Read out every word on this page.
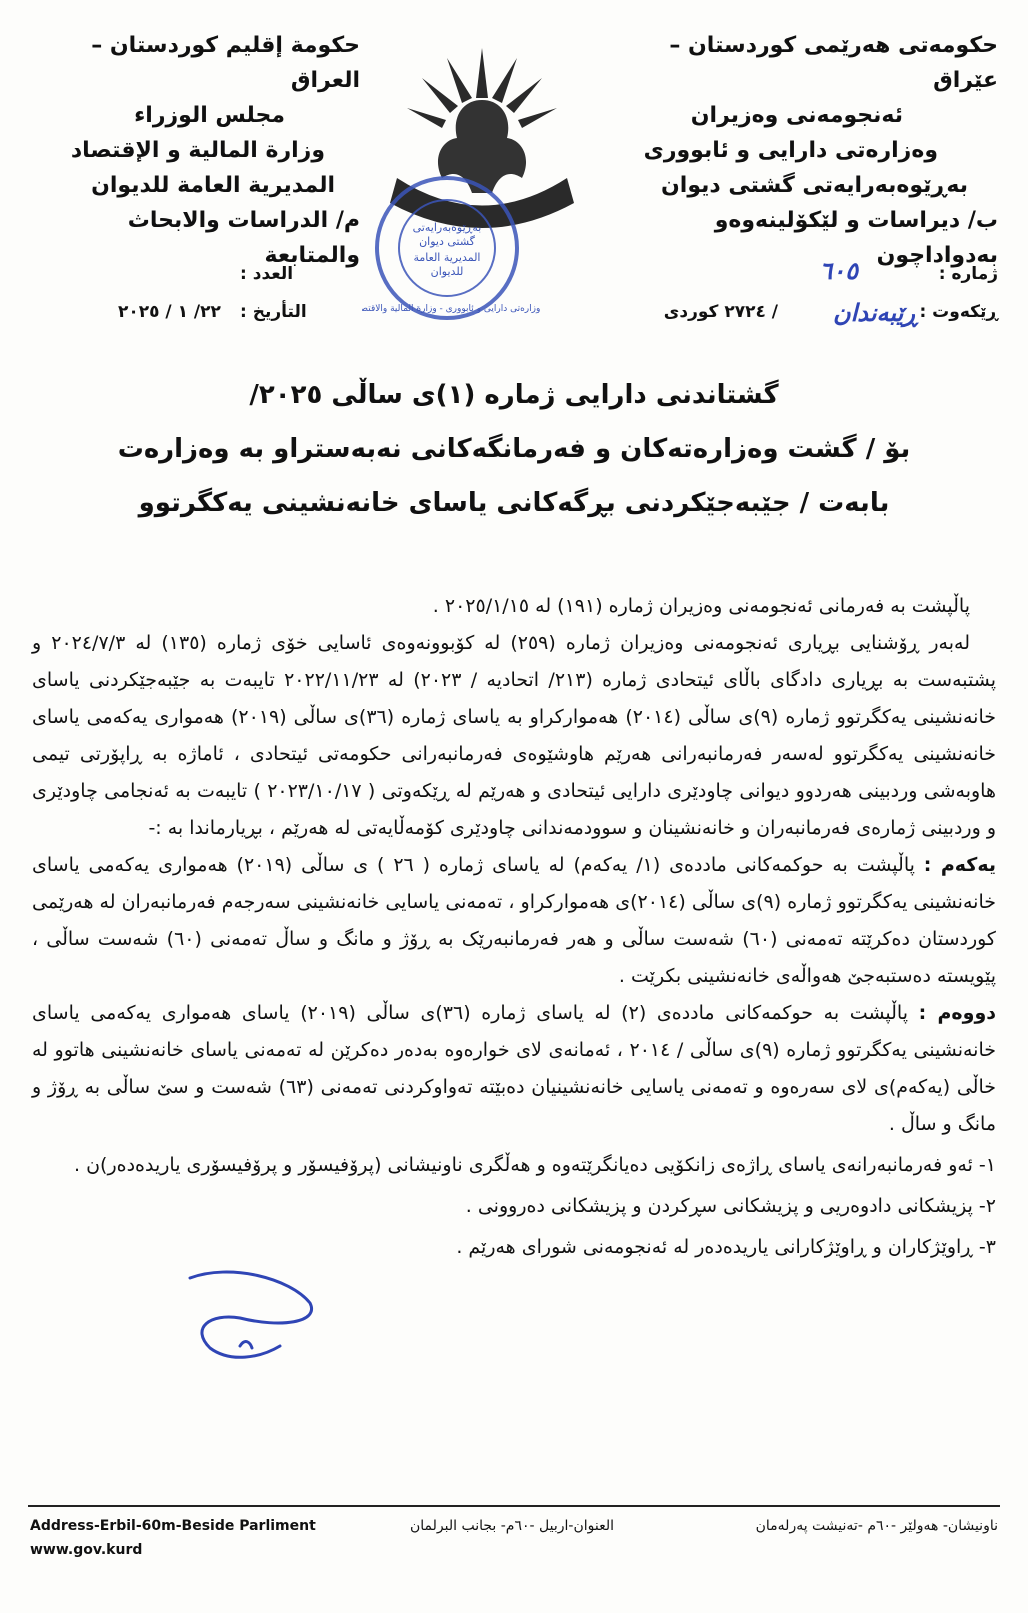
حکومەتی هەرێمی کوردستان – عێراق
ئەنجومەنی وەزیران
وەزارەتی دارایی و ئابووری
بەڕێوەبەرایەتی گشتی دیوان
ب/ دیراسات و لێکۆلینەوەو بەدواداچون
حكومة إقليم كوردستان – العراق
مجلس الوزراء
وزارة المالية و الإقتصاد
المديرية العامة للديوان
م/ الدراسات والابحاث والمتابعة
بەڕێوەبەرایەتی
گشتی دیوان
المديرية العامة
للديوان
وزارەتی دارایی و ئابووری - وزارة المالية والاقتصاد
ژمارە :
٦٠٥
ڕێکەوت :
ڕێبەندان
/ ٢٧٢٤ کوردی
العدد :
التأريخ :
٢٢/ ١ / ٢٠٢٥
گشتاندنی دارایی ژمارە (١)ی ساڵی ٢٠٢٥/
بۆ / گشت وەزارەتەکان و فەرمانگەکانی نەبەستراو بە وەزارەت
بابەت / جێبەجێکردنی بڕگەکانی یاسای خانەنشینی یەکگرتوو

پاڵپشت بە فەرمانی ئەنجومەنی وەزیران ژمارە (١٩١) لە ٢٠٢٥/١/١٥ .

لەبەر ڕۆشنایی بڕیاری ئەنجومەنی وەزیران ژمارە (٢٥٩) لە کۆبوونەوەی ئاسایی خۆی ژمارە (١٣٥) لە ٢٠٢٤/٧/٣ و پشتبەست بە بڕیاری دادگای باڵای ئیتحادی ژمارە (٢١٣/ اتحاديە / ٢٠٢٣) لە ٢٠٢٢/١١/٢٣ تایبەت بە جێبەجێکردنی یاسای خانەنشینی یەکگرتوو ژمارە (٩)ی ساڵی (٢٠١٤) هەموارکراو بە یاسای ژمارە (٣٦)ی ساڵی (٢٠١٩) هەمواری یەکەمی یاسای خانەنشینی یەکگرتوو لەسەر فەرمانبەرانی هەرێم هاوشێوەی فەرمانبەرانی حکومەتی ئیتحادی ، ئاماژە بە ڕاپۆرتی تیمی هاوبەشی وردبینی هەردوو دیوانی چاودێری دارایی ئیتحادی و هەرێم لە ڕێکەوتی ( ٢٠٢٣/١٠/١٧ ) تایبەت بە ئەنجامی چاودێری و وردبینی ژمارەی فەرمانبەران و خانەنشینان و سوودمەندانی چاودێری کۆمەڵایەتی لە هەرێم ، بڕیارماندا بە :-

یەکەم : پاڵپشت بە حوکمەکانی ماددەی (١/ یەکەم) لە یاسای ژمارە ( ٢٦ ) ی ساڵی (٢٠١٩) هەمواری یەکەمی یاسای خانەنشینی یەکگرتوو ژمارە (٩)ی ساڵی (٢٠١٤)ی هەموارکراو ، تەمەنی یاسایی خانەنشینی سەرجەم فەرمانبەران لە هەرێمی کوردستان دەکرێتە تەمەنی (٦٠) شەست ساڵی و هەر فەرمانبەرێک بە ڕۆژ و مانگ و ساڵ تەمەنی (٦٠) شەست ساڵی ، پێویستە دەستبەجێ هەواڵەی خانەنشینی بکرێت .

دووەم : پاڵپشت بە حوکمەکانی ماددەی (٢) لە یاسای ژمارە (٣٦)ی ساڵی (٢٠١٩) یاسای هەمواری یەکەمی یاسای خانەنشینی یەکگرتوو ژمارە (٩)ی ساڵی / ٢٠١٤ ، ئەمانەی لای خوارەوە بەدەر دەکرێن لە تەمەنی یاسای خانەنشینی هاتوو لە خاڵی (یەکەم)ی لای سەرەوە و تەمەنی یاسایی خانەنشینیان دەبێتە تەواوکردنی تەمەنی (٦٣) شەست و سێ ساڵی بە ڕۆژ و مانگ و ساڵ .

١- ئەو فەرمانبەرانەی یاسای ڕاژەی زانکۆیی دەیانگرێتەوە و هەڵگری ناونیشانی (پرۆفیسۆر و پرۆفیسۆری یاریدەدەر)ن .

٢- پزیشکانی دادوەریی و پزیشکانی سڕکردن و پزیشکانی دەروونی .

٣- ڕاوێژکاران و ڕاوێژکارانی یاریدەدەر لە ئەنجومەنی شورای هەرێم .

Address-Erbil-60m-Beside Parliment
www.gov.kurd
العنوان-اربيل -٦٠م- بجانب البرلمان	ناونیشان- هەولێر -٦٠م -تەنیشت پەرلەمان
